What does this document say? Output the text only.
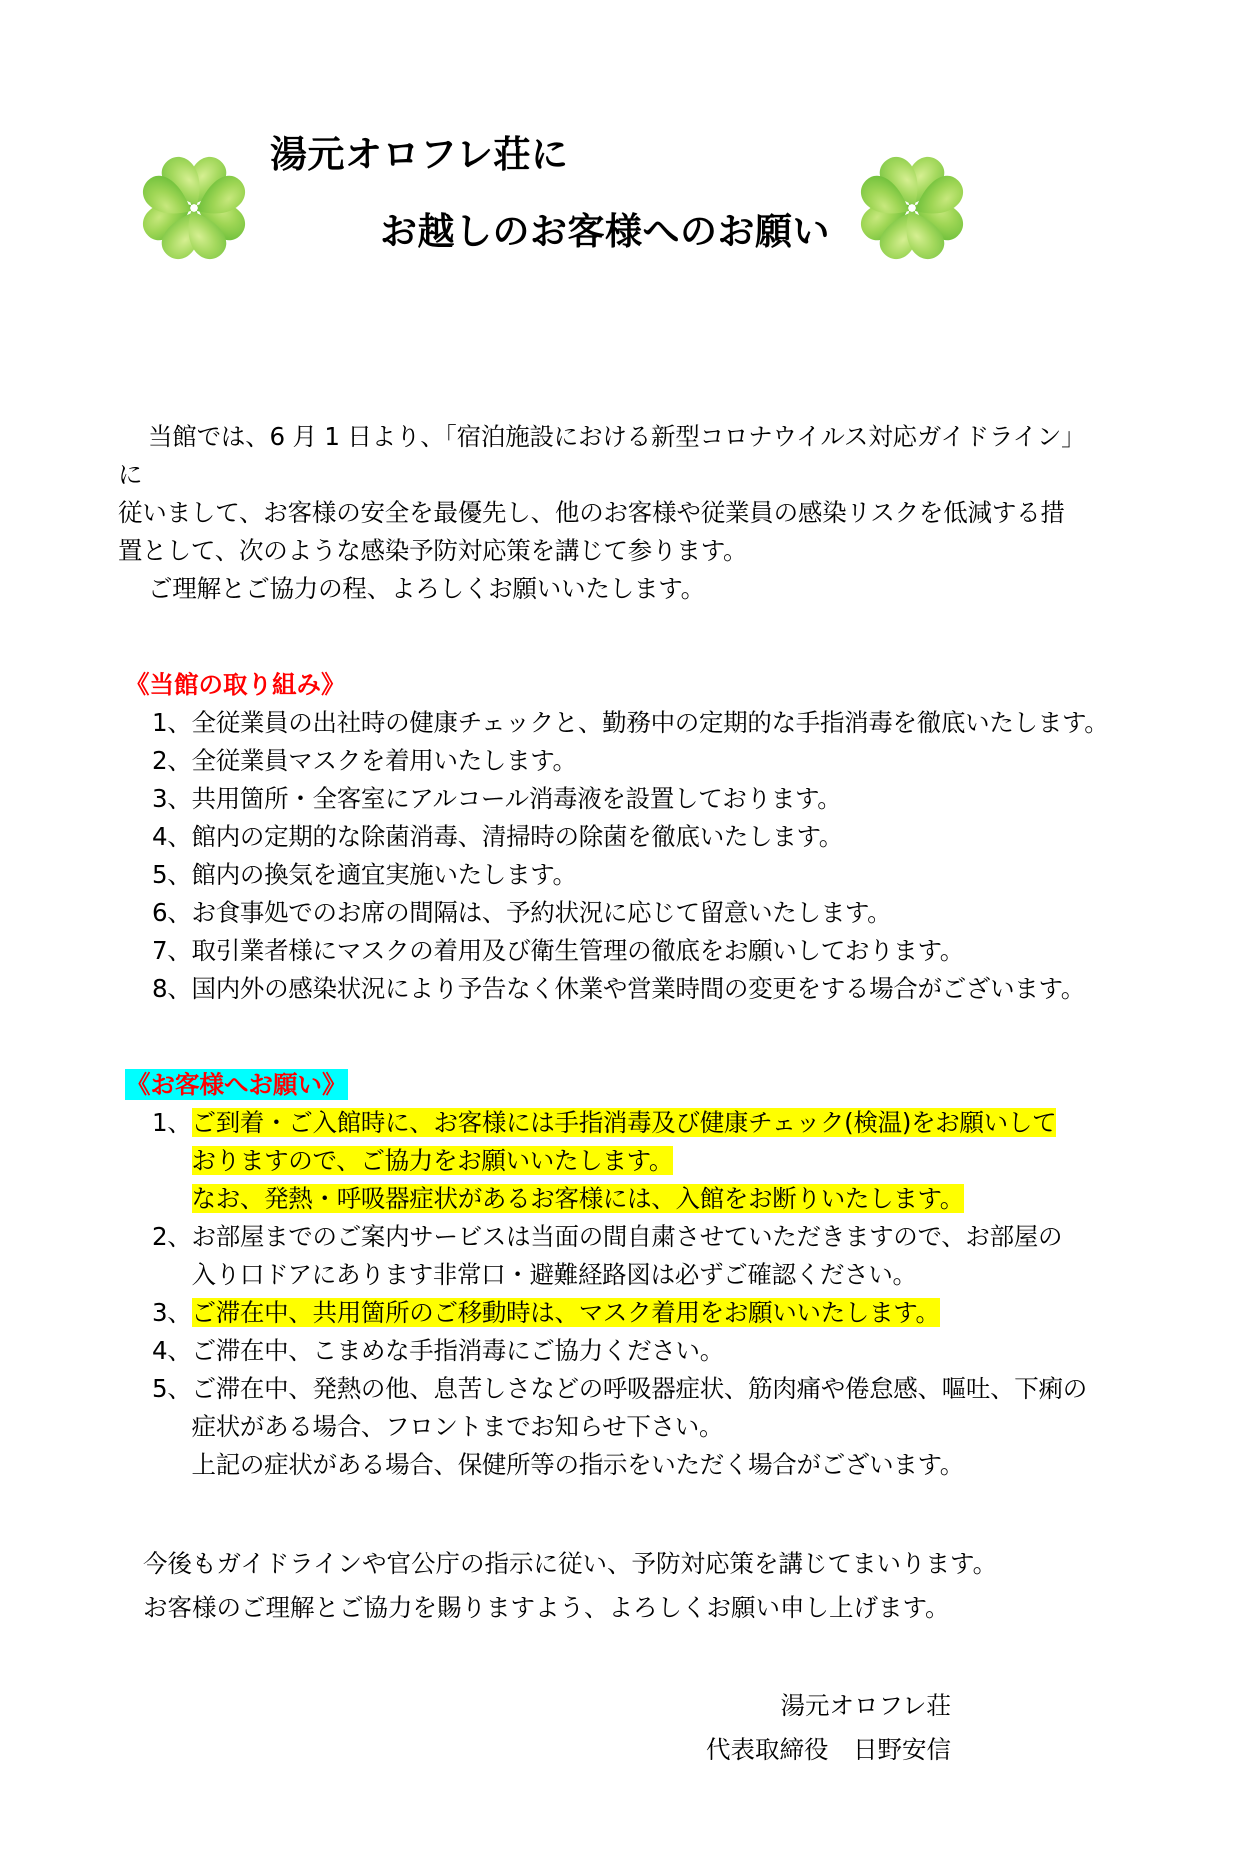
湯元オロフレ荘に
お越しのお客様へのお願い

当館では、6 月 1 日より、「宿泊施設における新型コロナウイルス対応ガイドライン」に

従いまして、お客様の安全を最優先し、他のお客様や従業員の感染リスクを低減する措

置として、次のような感染予防対応策を講じて参ります。

ご理解とご協力の程、よろしくお願いいたします。

《当館の取り組み》
1、 全従業員の出社時の健康チェックと、勤務中の定期的な手指消毒を徹底いたします。
2、 全従業員マスクを着用いたします。
3、 共用箇所・全客室にアルコール消毒液を設置しております。
4、 館内の定期的な除菌消毒、清掃時の除菌を徹底いたします。
5、 館内の換気を適宜実施いたします。
6、 お食事処でのお席の間隔は、予約状況に応じて留意いたします。
7、 取引業者様にマスクの着用及び衛生管理の徹底をお願いしております。
8、 国内外の感染状況により予告なく休業や営業時間の変更をする場合がございます。
《お客様へお願い》
1、 ご到着・ご入館時に、お客様には手指消毒及び健康チェック(検温)をお願いして
おりますので、ご協力をお願いいたします。
なお、発熱・呼吸器症状があるお客様には、入館をお断りいたします。
2、 お部屋までのご案内サービスは当面の間自粛させていただきますので、お部屋の
入り口ドアにあります非常口・避難経路図は必ずご確認ください。
3、 ご滞在中、共用箇所のご移動時は、マスク着用をお願いいたします。
4、 ご滞在中、こまめな手指消毒にご協力ください。
5、 ご滞在中、発熱の他、息苦しさなどの呼吸器症状、筋肉痛や倦怠感、嘔吐、下痢の
症状がある場合、フロントまでお知らせ下さい。
上記の症状がある場合、保健所等の指示をいただく場合がございます。
今後もガイドラインや官公庁の指示に従い、予防対応策を講じてまいります。
お客様のご理解とご協力を賜りますよう、よろしくお願い申し上げます。
湯元オロフレ荘
代表取締役　日野安信
